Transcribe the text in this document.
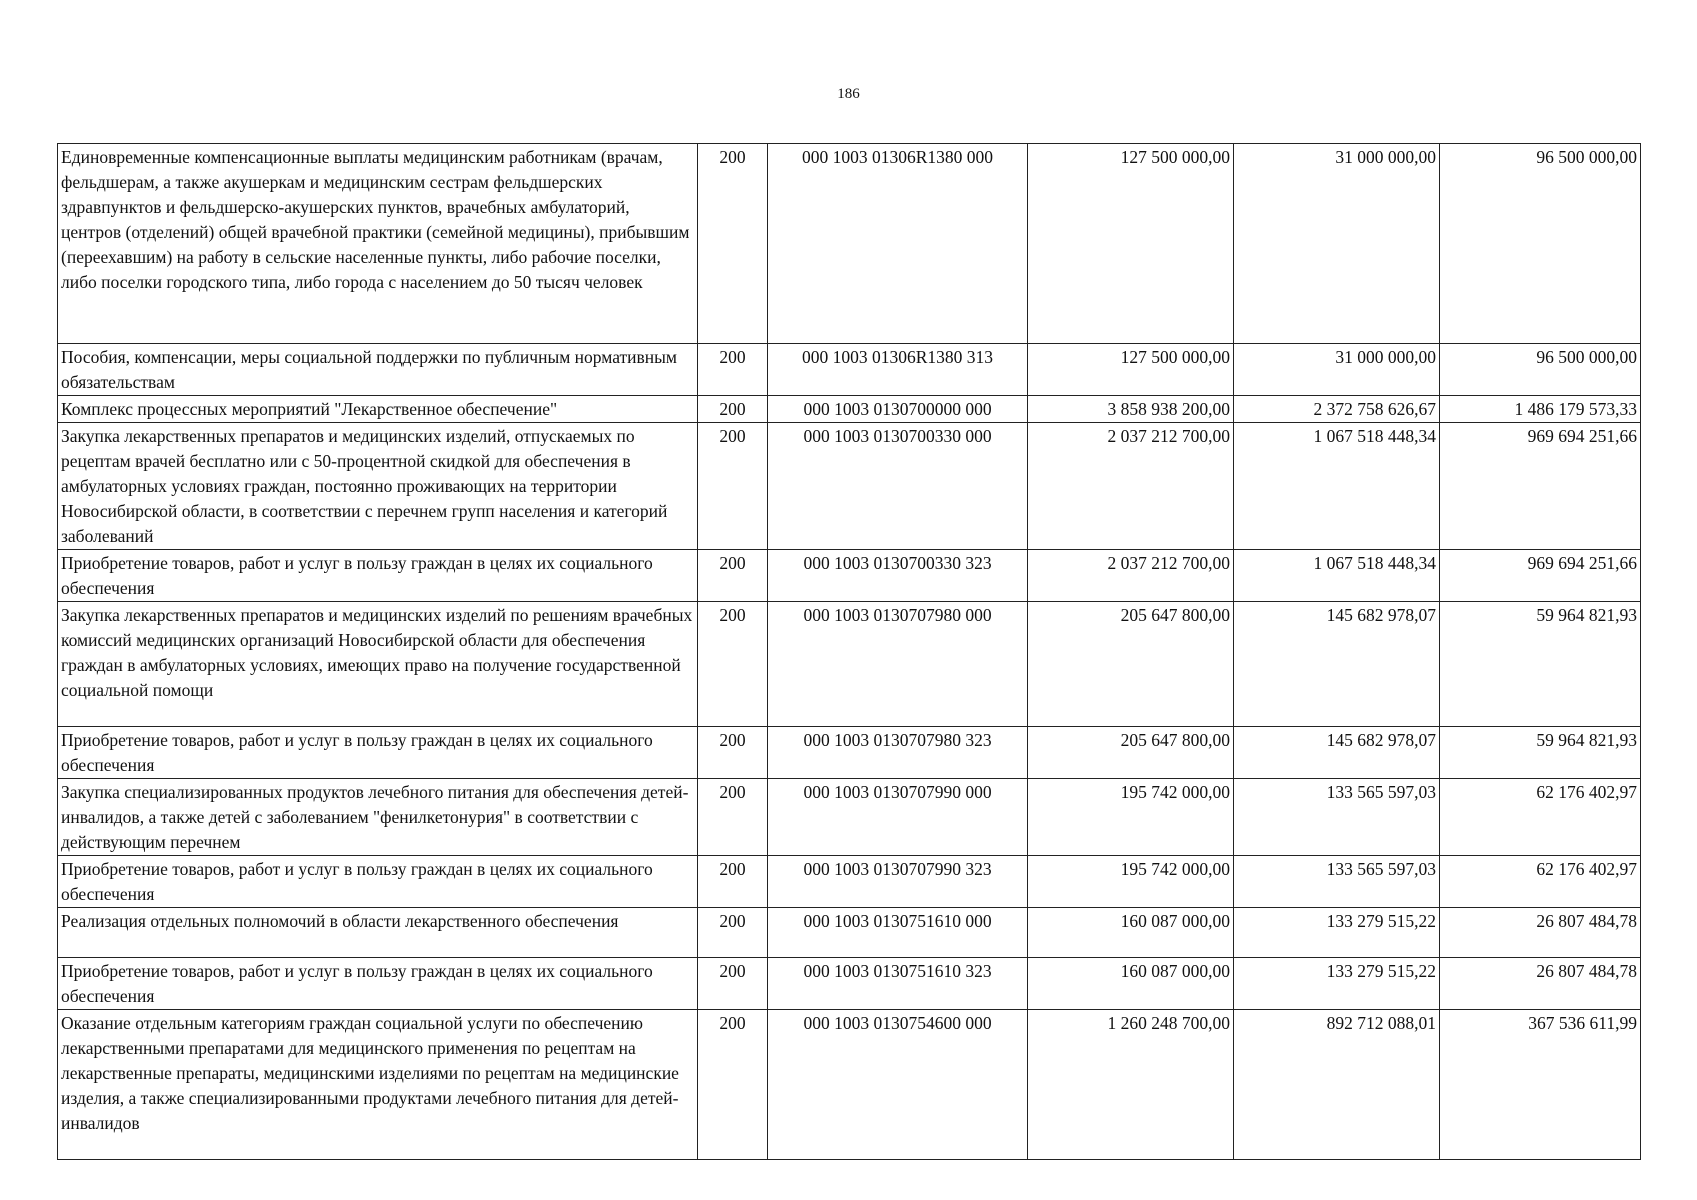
186
Единовременные компенсационные выплаты медицинским работникам (врачам, фельдшерам, а также акушеркам и медицинским сестрам фельдшерских здравпунктов и фельдшерско-акушерских пунктов, врачебных амбулаторий, центров (отделений) общей врачебной практики (семейной медицины), прибывшим (переехавшим) на работу в сельские населенные пункты, либо рабочие поселки, либо поселки городского типа, либо города с населением до 50 тысяч человек	200	000 1003 01306R1380 000	127 500 000,00	31 000 000,00	96 500 000,00
Пособия, компенсации, меры социальной поддержки по публичным нормативным обязательствам	200	000 1003 01306R1380 313	127 500 000,00	31 000 000,00	96 500 000,00
Комплекс процессных мероприятий "Лекарственное обеспечение"	200	000 1003 0130700000 000	3 858 938 200,00	2 372 758 626,67	1 486 179 573,33
Закупка лекарственных препаратов и медицинских изделий, отпускаемых по рецептам врачей бесплатно или с 50-процентной скидкой для обеспечения в амбулаторных условиях граждан, постоянно проживающих на территории Новосибирской области, в соответствии с перечнем групп населения и категорий заболеваний	200	000 1003 0130700330 000	2 037 212 700,00	1 067 518 448,34	969 694 251,66
Приобретение товаров, работ и услуг в пользу граждан в целях их социального обеспечения	200	000 1003 0130700330 323	2 037 212 700,00	1 067 518 448,34	969 694 251,66
Закупка лекарственных препаратов и медицинских изделий по решениям врачебных комиссий медицинских организаций Новосибирской области для обеспечения граждан в амбулаторных условиях, имеющих право на получение государственной социальной помощи	200	000 1003 0130707980 000	205 647 800,00	145 682 978,07	59 964 821,93
Приобретение товаров, работ и услуг в пользу граждан в целях их социального обеспечения	200	000 1003 0130707980 323	205 647 800,00	145 682 978,07	59 964 821,93
Закупка специализированных продуктов лечебного питания для обеспечения детей-инвалидов, а также детей с заболеванием "фенилкетонурия" в соответствии с действующим перечнем	200	000 1003 0130707990 000	195 742 000,00	133 565 597,03	62 176 402,97
Приобретение товаров, работ и услуг в пользу граждан в целях их социального обеспечения	200	000 1003 0130707990 323	195 742 000,00	133 565 597,03	62 176 402,97
Реализация отдельных полномочий в области лекарственного обеспечения	200	000 1003 0130751610 000	160 087 000,00	133 279 515,22	26 807 484,78
Приобретение товаров, работ и услуг в пользу граждан в целях их социального обеспечения	200	000 1003 0130751610 323	160 087 000,00	133 279 515,22	26 807 484,78
Оказание отдельным категориям граждан социальной услуги по обеспечению лекарственными препаратами для медицинского применения по рецептам на лекарственные препараты, медицинскими изделиями по рецептам на медицинские изделия, а также специализированными продуктами лечебного питания для детей-инвалидов	200	000 1003 0130754600 000	1 260 248 700,00	892 712 088,01	367 536 611,99
